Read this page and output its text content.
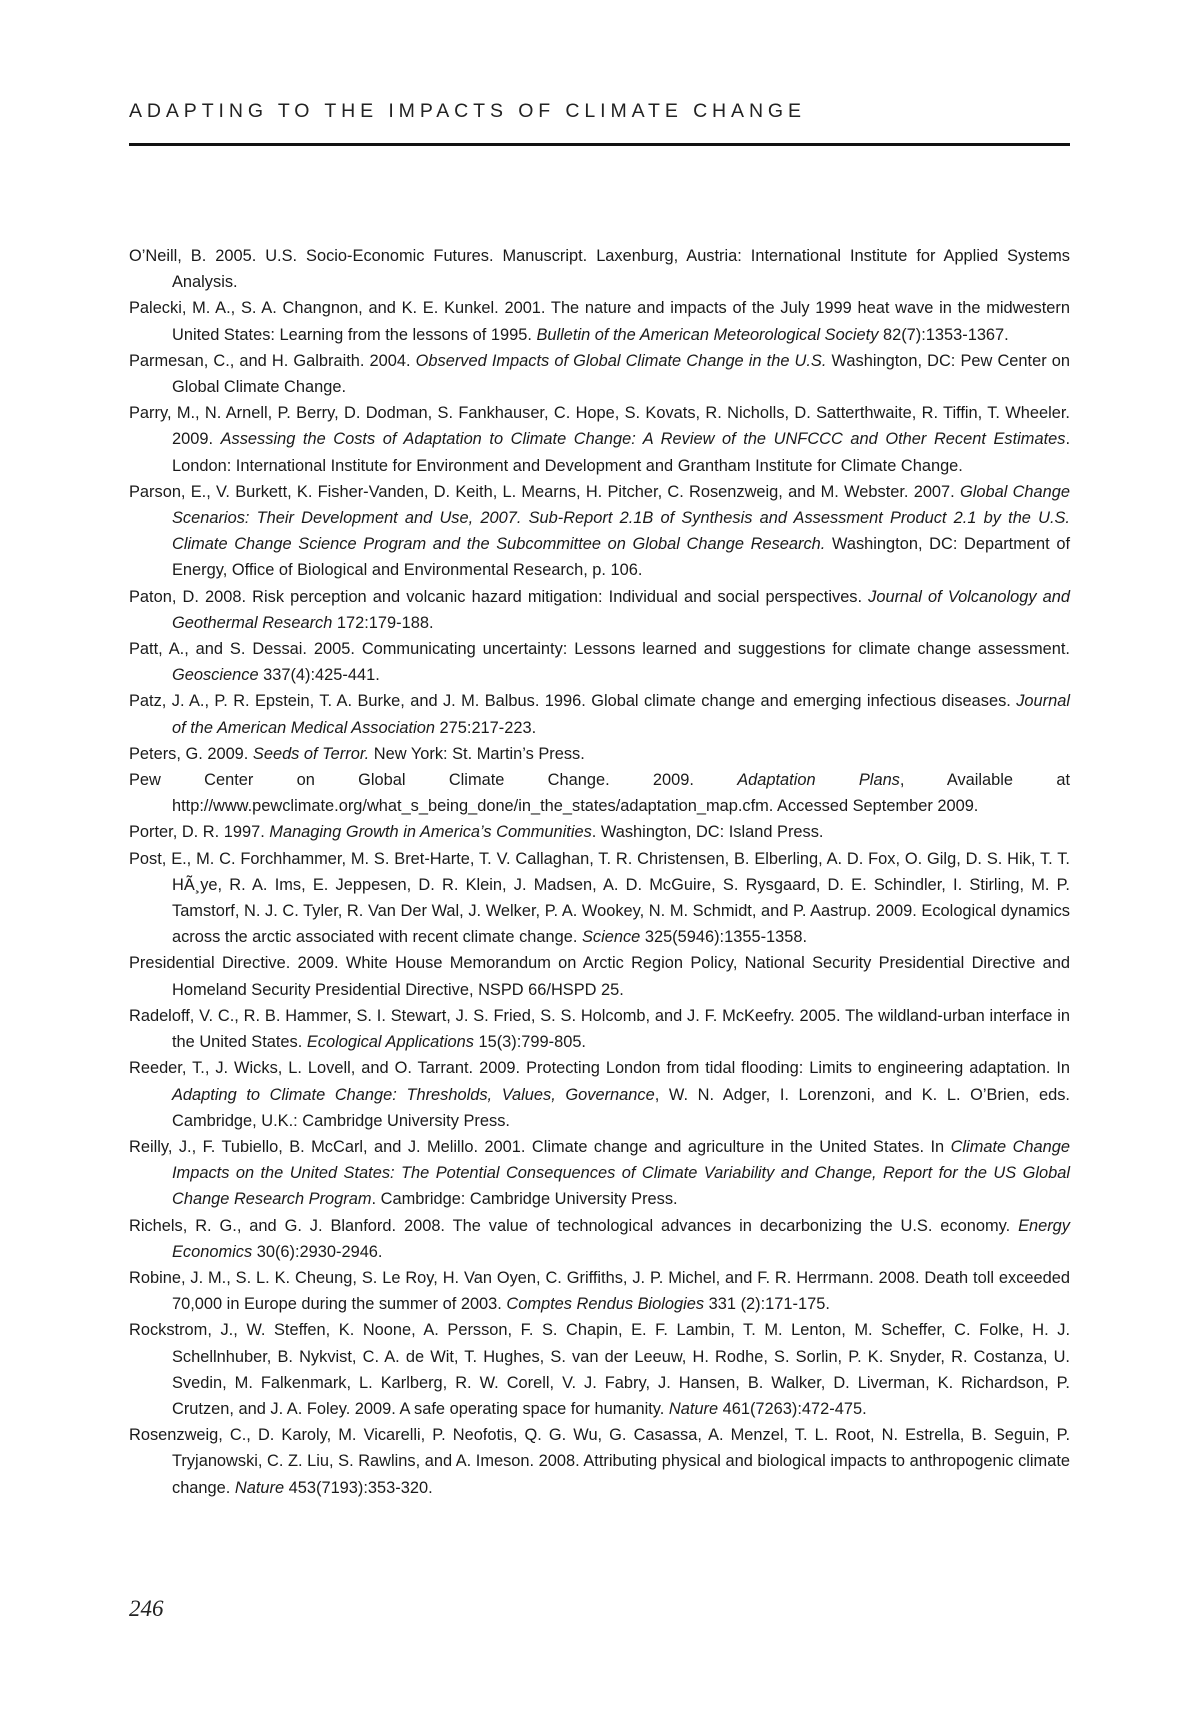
ADAPTING TO THE IMPACTS OF CLIMATE CHANGE
O’Neill, B. 2005. U.S. Socio-Economic Futures. Manuscript. Laxenburg, Austria: International Institute for Applied Systems Analysis.
Palecki, M. A., S. A. Changnon, and K. E. Kunkel. 2001. The nature and impacts of the July 1999 heat wave in the midwestern United States: Learning from the lessons of 1995. Bulletin of the American Meteorological Society 82(7):1353-1367.
Parmesan, C., and H. Galbraith. 2004. Observed Impacts of Global Climate Change in the U.S. Washington, DC: Pew Center on Global Climate Change.
Parry, M., N. Arnell, P. Berry, D. Dodman, S. Fankhauser, C. Hope, S. Kovats, R. Nicholls, D. Satterthwaite, R. Tiffin, T. Wheeler. 2009. Assessing the Costs of Adaptation to Climate Change: A Review of the UNFCCC and Other Recent Estimates. London: International Institute for Environment and Development and Grantham Institute for Climate Change.
Parson, E., V. Burkett, K. Fisher-Vanden, D. Keith, L. Mearns, H. Pitcher, C. Rosenzweig, and M. Webster. 2007. Global Change Scenarios: Their Development and Use, 2007. Sub-Report 2.1B of Synthesis and Assessment Product 2.1 by the U.S. Climate Change Science Program and the Subcommittee on Global Change Research. Washington, DC: Department of Energy, Office of Biological and Environmental Research, p. 106.
Paton, D. 2008. Risk perception and volcanic hazard mitigation: Individual and social perspectives. Journal of Volcanology and Geothermal Research 172:179-188.
Patt, A., and S. Dessai. 2005. Communicating uncertainty: Lessons learned and suggestions for climate change assessment. Geoscience 337(4):425-441.
Patz, J. A., P. R. Epstein, T. A. Burke, and J. M. Balbus. 1996. Global climate change and emerging infectious diseases. Journal of the American Medical Association 275:217-223.
Peters, G. 2009. Seeds of Terror. New York: St. Martin’s Press.
Pew Center on Global Climate Change. 2009. Adaptation Plans, Available at http://www.pewclimate.org/what_s_being_done/in_the_states/adaptation_map.cfm. Accessed September 2009.
Porter, D. R. 1997. Managing Growth in America’s Communities. Washington, DC: Island Press.
Post, E., M. C. Forchhammer, M. S. Bret-Harte, T. V. Callaghan, T. R. Christensen, B. Elberling, A. D. Fox, O. Gilg, D. S. Hik, T. T. HÃ¸ye, R. A. Ims, E. Jeppesen, D. R. Klein, J. Madsen, A. D. McGuire, S. Rysgaard, D. E. Schindler, I. Stirling, M. P. Tamstorf, N. J. C. Tyler, R. Van Der Wal, J. Welker, P. A. Wookey, N. M. Schmidt, and P. Aastrup. 2009. Ecological dynamics across the arctic associated with recent climate change. Science 325(5946):1355-1358.
Presidential Directive. 2009. White House Memorandum on Arctic Region Policy, National Security Presidential Directive and Homeland Security Presidential Directive, NSPD 66/HSPD 25.
Radeloff, V. C., R. B. Hammer, S. I. Stewart, J. S. Fried, S. S. Holcomb, and J. F. McKeefry. 2005. The wildland-urban interface in the United States. Ecological Applications 15(3):799-805.
Reeder, T., J. Wicks, L. Lovell, and O. Tarrant. 2009. Protecting London from tidal flooding: Limits to engineering adaptation. In Adapting to Climate Change: Thresholds, Values, Governance, W. N. Adger, I. Lorenzoni, and K. L. O’Brien, eds. Cambridge, U.K.: Cambridge University Press.
Reilly, J., F. Tubiello, B. McCarl, and J. Melillo. 2001. Climate change and agriculture in the United States. In Climate Change Impacts on the United States: The Potential Consequences of Climate Variability and Change, Report for the US Global Change Research Program. Cambridge: Cambridge University Press.
Richels, R. G., and G. J. Blanford. 2008. The value of technological advances in decarbonizing the U.S. economy. Energy Economics 30(6):2930-2946.
Robine, J. M., S. L. K. Cheung, S. Le Roy, H. Van Oyen, C. Griffiths, J. P. Michel, and F. R. Herrmann. 2008. Death toll exceeded 70,000 in Europe during the summer of 2003. Comptes Rendus Biologies 331 (2):171-175.
Rockstrom, J., W. Steffen, K. Noone, A. Persson, F. S. Chapin, E. F. Lambin, T. M. Lenton, M. Scheffer, C. Folke, H. J. Schellnhuber, B. Nykvist, C. A. de Wit, T. Hughes, S. van der Leeuw, H. Rodhe, S. Sorlin, P. K. Snyder, R. Costanza, U. Svedin, M. Falkenmark, L. Karlberg, R. W. Corell, V. J. Fabry, J. Hansen, B. Walker, D. Liverman, K. Richardson, P. Crutzen, and J. A. Foley. 2009. A safe operating space for humanity. Nature 461(7263):472-475.
Rosenzweig, C., D. Karoly, M. Vicarelli, P. Neofotis, Q. G. Wu, G. Casassa, A. Menzel, T. L. Root, N. Estrella, B. Seguin, P. Tryjanowski, C. Z. Liu, S. Rawlins, and A. Imeson. 2008. Attributing physical and biological impacts to anthropogenic climate change. Nature 453(7193):353-320.
246
